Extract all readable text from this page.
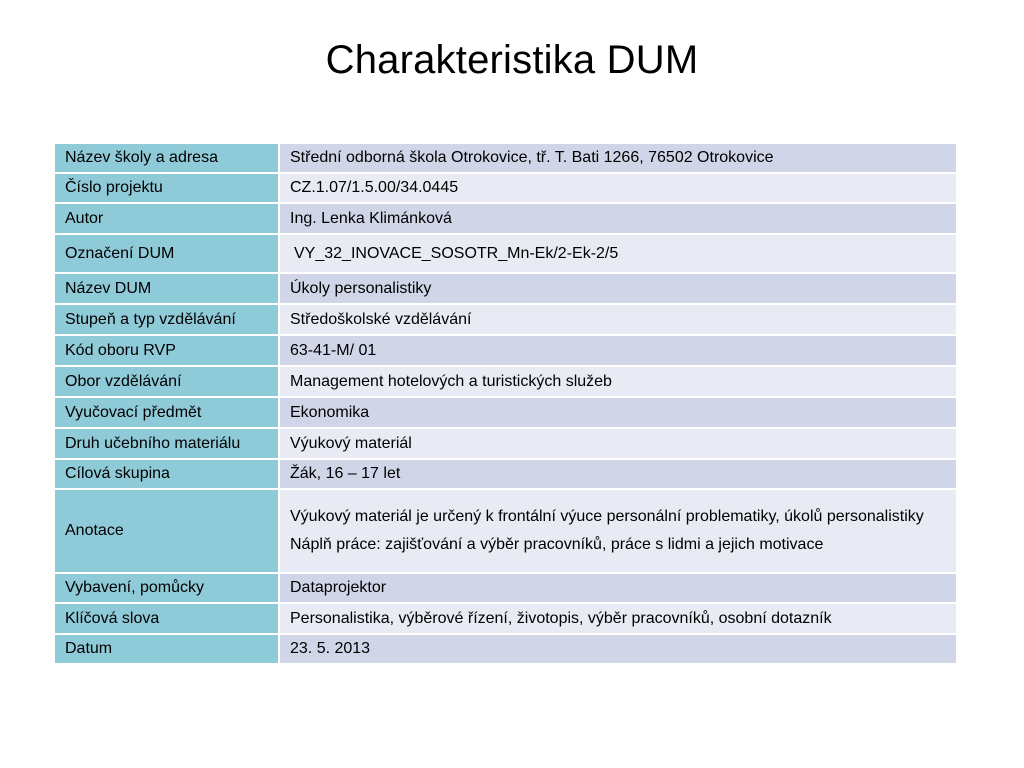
Charakteristika DUM
Název školy a adresa	Střední odborná škola Otrokovice, tř. T. Bati 1266, 76502 Otrokovice
Číslo projektu	CZ.1.07/1.5.00/34.0445
Autor	Ing. Lenka Klimánková
Označení DUM	VY_32_INOVACE_SOSOTR_Mn-Ek/2-Ek-2/5
Název DUM	Úkoly personalistiky
Stupeň a typ vzdělávání	Středoškolské vzdělávání
Kód oboru RVP	63-41-M/ 01
Obor vzdělávání	Management hotelových a turistických služeb
Vyučovací předmět	Ekonomika
Druh učebního materiálu	Výukový materiál
Cílová skupina	Žák, 16 – 17 let
Anotace	Výukový materiál je určený k frontální výuce personální problematiky, úkolů personalistiky
Náplň práce: zajišťování a výběr pracovníků, práce s lidmi a jejich motivace

Vybavení, pomůcky	Dataprojektor
Klíčová slova	Personalistika, výběrové řízení, životopis, výběr pracovníků, osobní dotazník
Datum	23. 5. 2013
